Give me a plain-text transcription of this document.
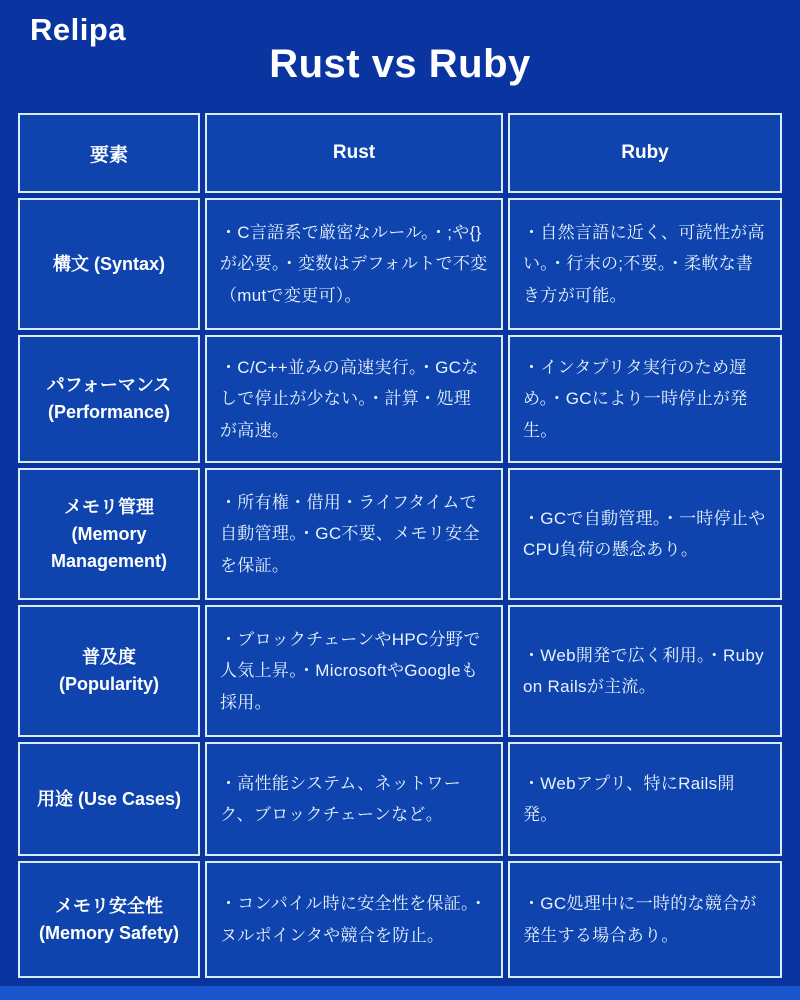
Relipa
Rust vs Ruby
要素	Rust	Ruby
構文 (Syntax)
・C言語系で厳密なルール。・;や{} が必要。・変数はデフォルトで不変（mutで変更可）。
・自然言語に近く、可読性が高い。・行末の;不要。・柔軟な書き方が可能。
パフォーマンス (Performance)
・C/C++並みの高速実行。・GCなしで停止が少ない。・計算・処理が高速。
・インタプリタ実行のため遅め。・GCにより一時停止が発生。
メモリ管理 (Memory Management)
・所有権・借用・ライフタイムで自動管理。・GC不要、メモリ安全を保証。
・GCで自動管理。・一時停止やCPU負荷の懸念あり。
普及度 (Popularity)
・ブロックチェーンやHPC分野で人気上昇。・MicrosoftやGoogleも採用。
・Web開発で広く利用。・Ruby on Railsが主流。
用途 (Use Cases)
・高性能システム、ネットワーク、ブロックチェーンなど。
・Webアプリ、特にRails開発。
メモリ安全性 (Memory Safety)
・コンパイル時に安全性を保証。・ヌルポインタや競合を防止。
・GC処理中に一時的な競合が発生する場合あり。
